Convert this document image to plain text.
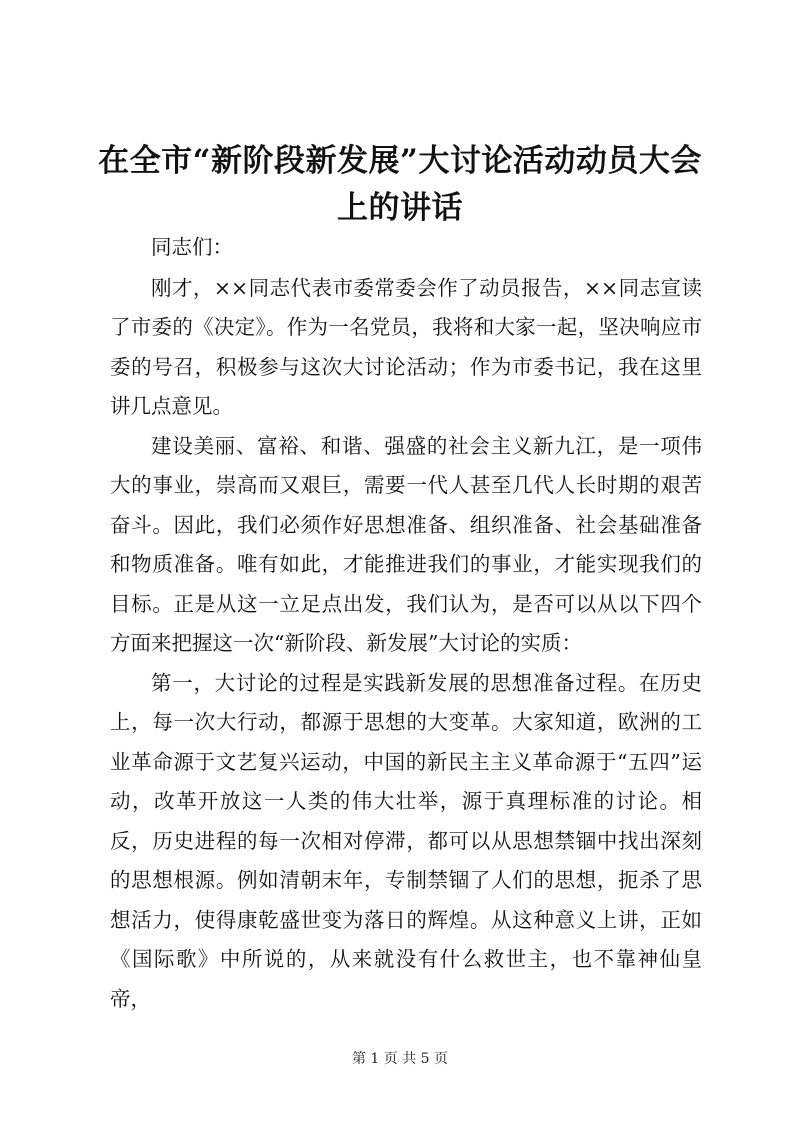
在全市“新阶段新发展”大讨论活动动员大会上的讲话

同志们：

刚才，××同志代表市委常委会作了动员报告，××同志宣读了市委的《决定》。作为一名党员，我将和大家一起，坚决响应市委的号召，积极参与这次大讨论活动；作为市委书记，我在这里讲几点意见。

建设美丽、富裕、和谐、强盛的社会主义新九江，是一项伟大的事业，崇高而又艰巨，需要一代人甚至几代人长时期的艰苦奋斗。因此，我们必须作好思想准备、组织准备、社会基础准备和物质准备。唯有如此，才能推进我们的事业，才能实现我们的目标。正是从这一立足点出发，我们认为，是否可以从以下四个方面来把握这一次“新阶段、新发展”大讨论的实质：

第一，大讨论的过程是实践新发展的思想准备过程。在历史上，每一次大行动，都源于思想的大变革。大家知道，欧洲的工业革命源于文艺复兴运动，中国的新民主主义革命源于“五四”运动，改革开放这一人类的伟大壮举，源于真理标准的讨论。相反，历史进程的每一次相对停滞，都可以从思想禁锢中找出深刻的思想根源。例如清朝末年，专制禁锢了人们的思想，扼杀了思想活力，使得康乾盛世变为落日的辉煌。从这种意义上讲，正如《国际歌》中所说的，从来就没有什么救世主，也不靠神仙皇帝，

第 1 页 共 5 页
